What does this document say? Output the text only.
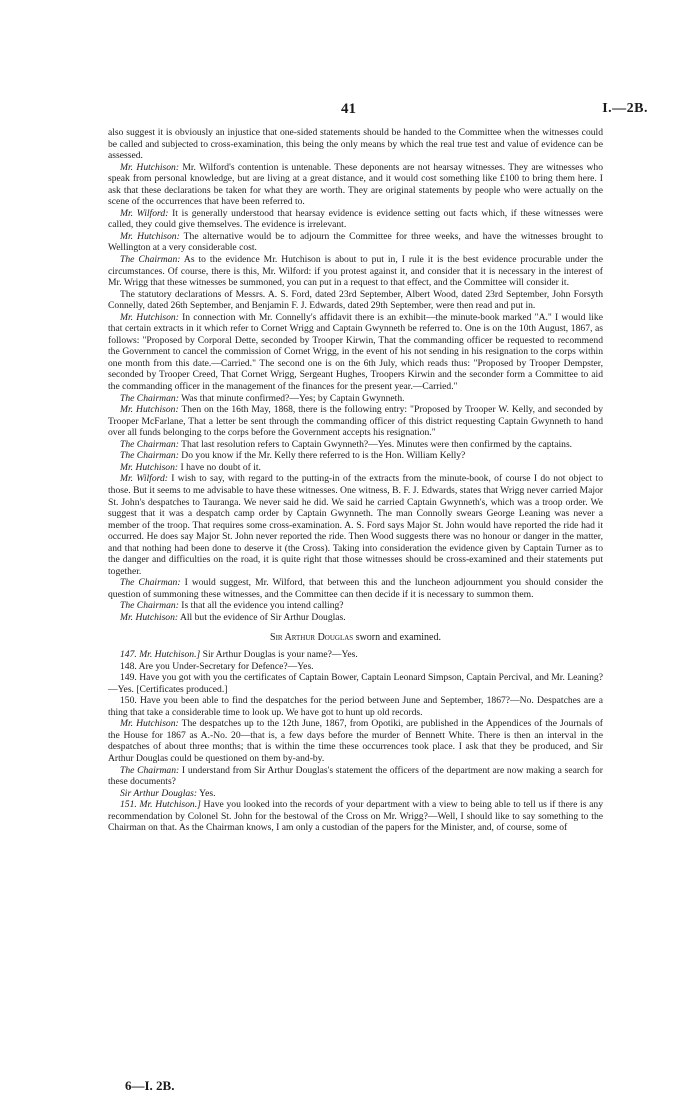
41	I.—2B.

also suggest it is obviously an injustice that one-sided statements should be handed to the Committee when the witnesses could be called and subjected to cross-examination, this being the only means by which the real true test and value of evidence can be assessed.

Mr. Hutchison: Mr. Wilford's contention is untenable. These deponents are not hearsay witnesses. They are witnesses who speak from personal knowledge, but are living at a great distance, and it would cost something like £100 to bring them here. I ask that these declarations be taken for what they are worth. They are original statements by people who were actually on the scene of the occurrences that have been referred to.

Mr. Wilford: It is generally understood that hearsay evidence is evidence setting out facts which, if these witnesses were called, they could give themselves. The evidence is irrelevant.

Mr. Hutchison: The alternative would be to adjourn the Committee for three weeks, and have the witnesses brought to Wellington at a very considerable cost.

The Chairman: As to the evidence Mr. Hutchison is about to put in, I rule it is the best evidence procurable under the circumstances. Of course, there is this, Mr. Wilford: if you protest against it, and consider that it is necessary in the interest of Mr. Wrigg that these witnesses be summoned, you can put in a request to that effect, and the Committee will consider it.

The statutory declarations of Messrs. A. S. Ford, dated 23rd September, Albert Wood, dated 23rd September, John Forsyth Connelly, dated 26th September, and Benjamin F. J. Edwards, dated 29th September, were then read and put in.

Mr. Hutchison: In connection with Mr. Connelly's affidavit there is an exhibit—the minute-book marked "A." I would like that certain extracts in it which refer to Cornet Wrigg and Captain Gwynneth be referred to. One is on the 10th August, 1867, as follows: "Proposed by Corporal Dette, seconded by Trooper Kirwin, That the commanding officer be requested to recommend the Government to cancel the commission of Cornet Wrigg, in the event of his not sending in his resignation to the corps within one month from this date.—Carried." The second one is on the 6th July, which reads thus: "Proposed by Trooper Dempster, seconded by Trooper Creed, That Cornet Wrigg, Sergeant Hughes, Troopers Kirwin and the seconder form a Committee to aid the commanding officer in the management of the finances for the present year.—Carried."

The Chairman: Was that minute confirmed?—Yes; by Captain Gwynneth.

Mr. Hutchison: Then on the 16th May, 1868, there is the following entry: "Proposed by Trooper W. Kelly, and seconded by Trooper McFarlane, That a letter be sent through the commanding officer of this district requesting Captain Gwynneth to hand over all funds belonging to the corps before the Government accepts his resignation."

The Chairman: That last resolution refers to Captain Gwynneth?—Yes. Minutes were then confirmed by the captains.

The Chairman: Do you know if the Mr. Kelly there referred to is the Hon. William Kelly?

Mr. Hutchison: I have no doubt of it.

Mr. Wilford: I wish to say, with regard to the putting-in of the extracts from the minute-book, of course I do not object to those. But it seems to me advisable to have these witnesses. One witness, B. F. J. Edwards, states that Wrigg never carried Major St. John's despatches to Tauranga. We never said he did. We said he carried Captain Gwynneth's, which was a troop order. We suggest that it was a despatch camp order by Captain Gwynneth. The man Connolly swears George Leaning was never a member of the troop. That requires some cross-examination. A. S. Ford says Major St. John would have reported the ride had it occurred. He does say Major St. John never reported the ride. Then Wood suggests there was no honour or danger in the matter, and that nothing had been done to deserve it (the Cross). Taking into consideration the evidence given by Captain Turner as to the danger and difficulties on the road, it is quite right that those witnesses should be cross-examined and their statements put together.

The Chairman: I would suggest, Mr. Wilford, that between this and the luncheon adjournment you should consider the question of summoning these witnesses, and the Committee can then decide if it is necessary to summon them.

The Chairman: Is that all the evidence you intend calling?

Mr. Hutchison: All but the evidence of Sir Arthur Douglas.

Sir Arthur Douglas sworn and examined.

147. Mr. Hutchison.] Sir Arthur Douglas is your name?—Yes.

148. Are you Under-Secretary for Defence?—Yes.

149. Have you got with you the certificates of Captain Bower, Captain Leonard Simpson, Captain Percival, and Mr. Leaning?—Yes. [Certificates produced.]

150. Have you been able to find the despatches for the period between June and September, 1867?—No. Despatches are a thing that take a considerable time to look up. We have got to hunt up old records.

Mr. Hutchison: The despatches up to the 12th June, 1867, from Opotiki, are published in the Appendices of the Journals of the House for 1867 as A.-No. 20—that is, a few days before the murder of Bennett White. There is then an interval in the despatches of about three months; that is within the time these occurrences took place. I ask that they be produced, and Sir Arthur Douglas could be questioned on them by-and-by.

The Chairman: I understand from Sir Arthur Douglas's statement the officers of the department are now making a search for these documents?

Sir Arthur Douglas: Yes.

151. Mr. Hutchison.] Have you looked into the records of your department with a view to being able to tell us if there is any recommendation by Colonel St. John for the bestowal of the Cross on Mr. Wrigg?—Well, I should like to say something to the Chairman on that. As the Chairman knows, I am only a custodian of the papers for the Minister, and, of course, some of

6—I. 2B.
